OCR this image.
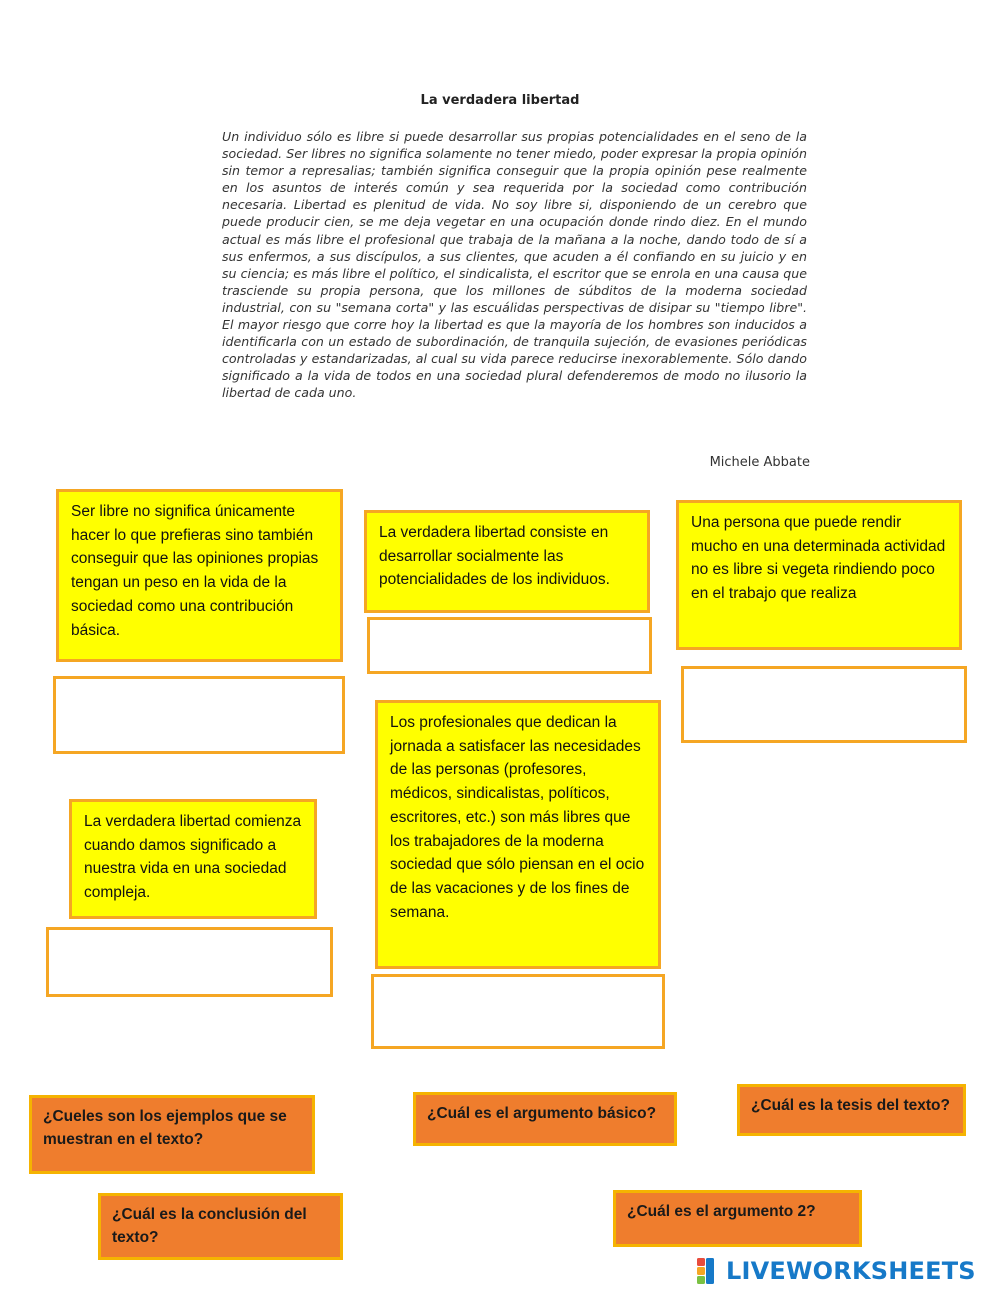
La verdadera libertad

Un individuo sólo es libre si puede desarrollar sus propias potencialidades en el seno de la sociedad. Ser libres no significa solamente no tener miedo, poder expresar la propia opinión sin temor a represalias; también significa conseguir que la propia opinión pese realmente en los asuntos de interés común y sea requerida por la sociedad como contribución necesaria. Libertad es plenitud de vida. No soy libre si, disponiendo de un cerebro que puede producir cien, se me deja vegetar en una ocupación donde rindo diez. En el mundo actual es más libre el profesional que trabaja de la mañana a la noche, dando todo de sí a sus enfermos, a sus discípulos, a sus clientes, que acuden a él confiando en su juicio y en su ciencia; es más libre el político, el sindicalista, el escritor que se enrola en una causa que trasciende su propia persona, que los millones de súbditos de la moderna sociedad industrial, con su "semana corta" y las escuálidas perspectivas de disipar su "tiempo libre". El mayor riesgo que corre hoy la libertad es que la mayoría de los hombres son inducidos a identificarla con un estado de subordinación, de tranquila sujeción, de evasiones periódicas controladas y estandarizadas, al cual su vida parece reducirse inexorablemente. Sólo dando significado a la vida de todos en una sociedad plural defenderemos de modo no ilusorio la libertad de cada uno.

Michele Abbate
Ser libre no significa únicamente hacer lo que prefieras sino también conseguir que las opiniones propias tengan un peso en la vida de la sociedad como una contribución básica.
La verdadera libertad consiste en desarrollar socialmente las potencialidades de los individuos.
Una persona que puede rendir mucho en una determinada actividad no es libre si vegeta rindiendo poco en el trabajo que realiza
Los profesionales que dedican la jornada a satisfacer las necesidades de las personas (profesores, médicos, sindicalistas, políticos, escritores, etc.) son más libres que los trabajadores de la moderna sociedad que sólo piensan en el ocio de las vacaciones y de los fines de semana.
La verdadera libertad comienza cuando damos significado a nuestra vida en una sociedad compleja.
¿Cueles son los ejemplos que se muestran en el texto?
¿Cuál es el argumento básico?	¿Cuál es la tesis del texto?
¿Cuál es la conclusión del texto?
¿Cuál es el argumento 2?
LIVEWORKSHEETS
